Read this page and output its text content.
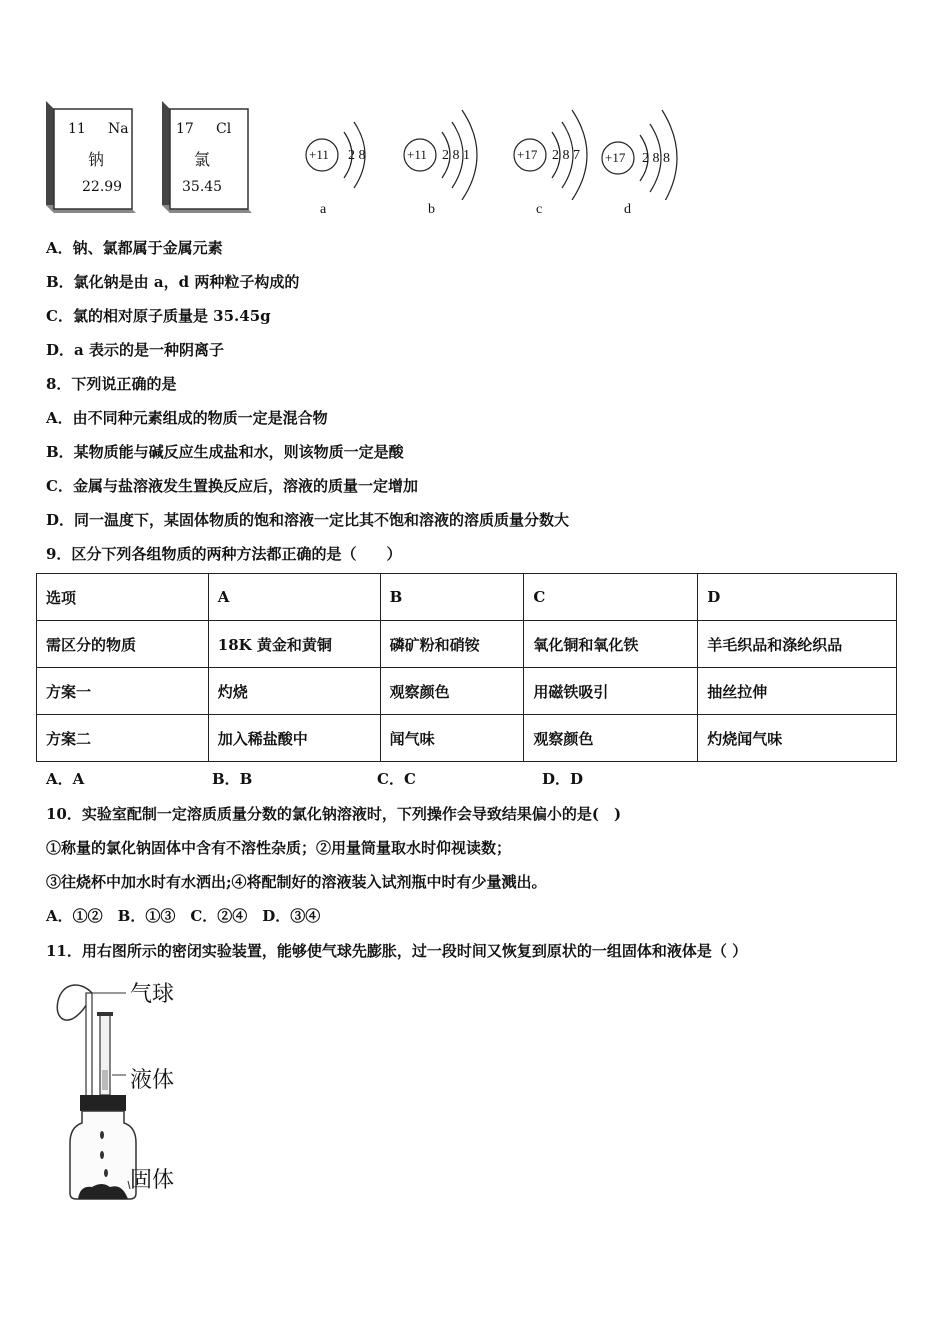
11 Na
钠
22.99
17 Cl
氯
35.45
+11 2 8
a
+11 2 8 1
b
+17 2 8 7
c
+17 2 8 8
d
A．钠、氯都属于金属元素
B．氯化钠是由 a，d 两种粒子构成的
C．氯的相对原子质量是 35.45g
D．a 表示的是一种阴离子
8．下列说正确的是
A．由不同种元素组成的物质一定是混合物
B．某物质能与碱反应生成盐和水，则该物质一定是酸
C．金属与盐溶液发生置换反应后，溶液的质量一定增加
D．同一温度下，某固体物质的饱和溶液一定比其不饱和溶液的溶质质量分数大
9．区分下列各组物质的两种方法都正确的是（　　）
选项	A	B	C	D
需区分的物质	18K 黄金和黄铜	磷矿粉和硝铵	氧化铜和氧化铁	羊毛织品和涤纶织品
方案一	灼烧	观察颜色	用磁铁吸引	抽丝拉伸
方案二	加入稀盐酸中	闻气味	观察颜色	灼烧闻气味
A．A	B．B	C．C	D．D
10．实验室配制一定溶质质量分数的氯化钠溶液时，下列操作会导致结果偏小的是(　)
①称量的氯化钠固体中含有不溶性杂质；②用量筒量取水时仰视读数；
③往烧杯中加水时有水洒出;④将配制好的溶液装入试剂瓶中时有少量溅出。
A．①②　B．①③　C．②④　D．③④
11．用右图所示的密闭实验装置，能够使气球先膨胀，过一段时间又恢复到原状的一组固体和液体是（ ）
气球
液体
固体
